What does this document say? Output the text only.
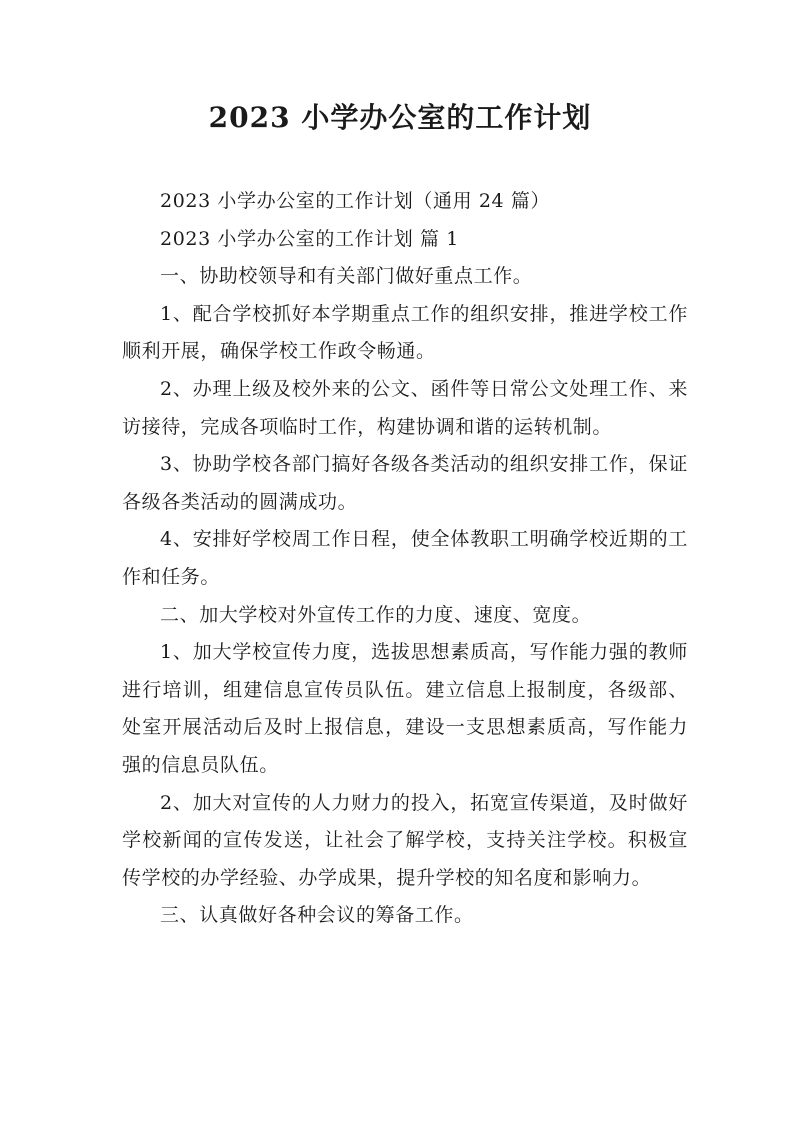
2023 小学办公室的工作计划

2023 小学办公室的工作计划（通用 24 篇）

2023 小学办公室的工作计划 篇 1

一、协助校领导和有关部门做好重点工作。

1、配合学校抓好本学期重点工作的组织安排，推进学校工作顺利开展，确保学校工作政令畅通。

2、办理上级及校外来的公文、函件等日常公文处理工作、来访接待，完成各项临时工作，构建协调和谐的运转机制。

3、协助学校各部门搞好各级各类活动的组织安排工作，保证各级各类活动的圆满成功。

4、安排好学校周工作日程，使全体教职工明确学校近期的工作和任务。

二、加大学校对外宣传工作的力度、速度、宽度。

1、加大学校宣传力度，选拔思想素质高，写作能力强的教师进行培训，组建信息宣传员队伍。建立信息上报制度，各级部、处室开展活动后及时上报信息，建设一支思想素质高，写作能力强的信息员队伍。

2、加大对宣传的人力财力的投入，拓宽宣传渠道，及时做好学校新闻的宣传发送，让社会了解学校，支持关注学校。积极宣传学校的办学经验、办学成果，提升学校的知名度和影响力。

三、认真做好各种会议的筹备工作。
